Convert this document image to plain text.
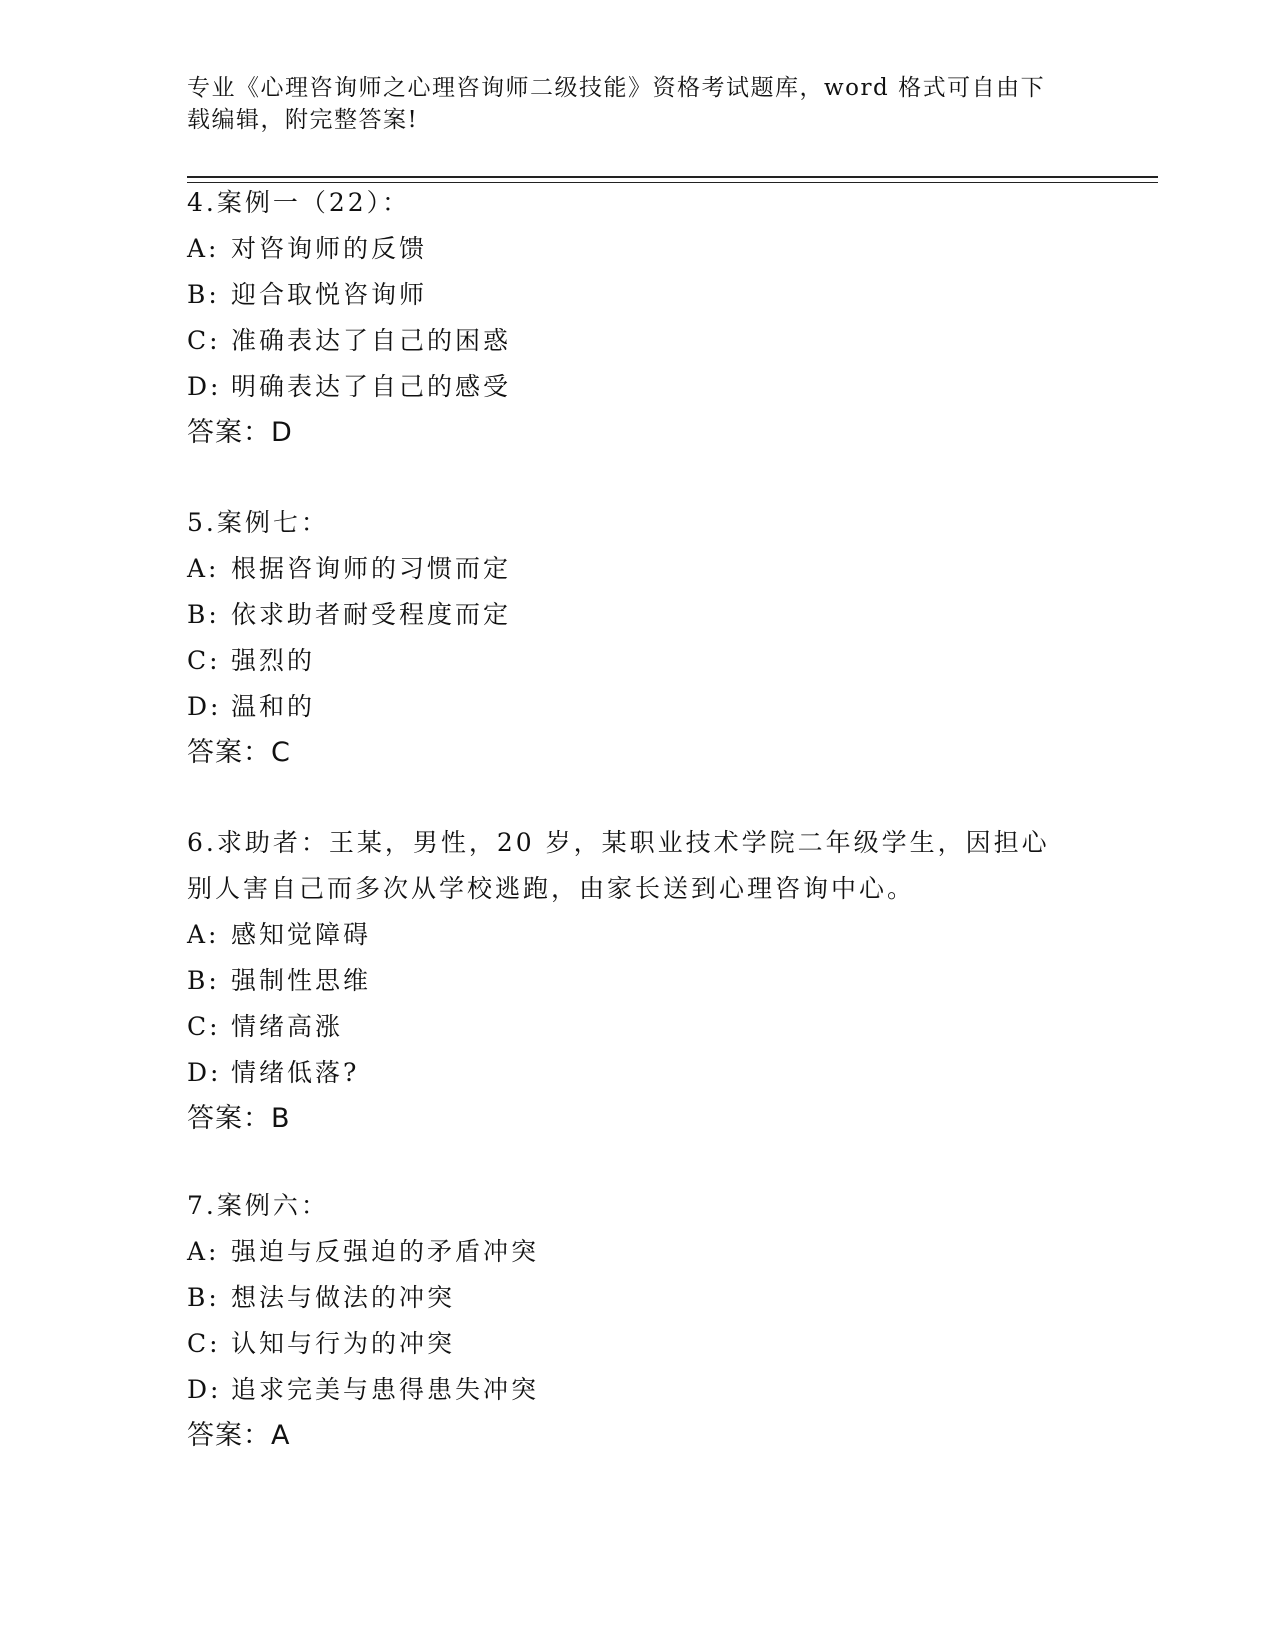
专业《心理咨询师之心理咨询师二级技能》资格考试题库，word 格式可自由下载编辑，附完整答案!
4.案例一（22）：
A: 对咨询师的反馈
B: 迎合取悦咨询师
C: 准确表达了自己的困惑
D: 明确表达了自己的感受
答案：D
5.案例七：
A: 根据咨询师的习惯而定
B: 依求助者耐受程度而定
C: 强烈的
D: 温和的
答案：C
6.求助者：王某，男性，20 岁，某职业技术学院二年级学生，因担心别人害自己而多次从学校逃跑，由家长送到心理咨询中心。
A: 感知觉障碍
B: 强制性思维
C: 情绪高涨
D: 情绪低落?
答案：B
7.案例六：
A: 强迫与反强迫的矛盾冲突
B: 想法与做法的冲突
C: 认知与行为的冲突
D: 追求完美与患得患失冲突
答案：A
